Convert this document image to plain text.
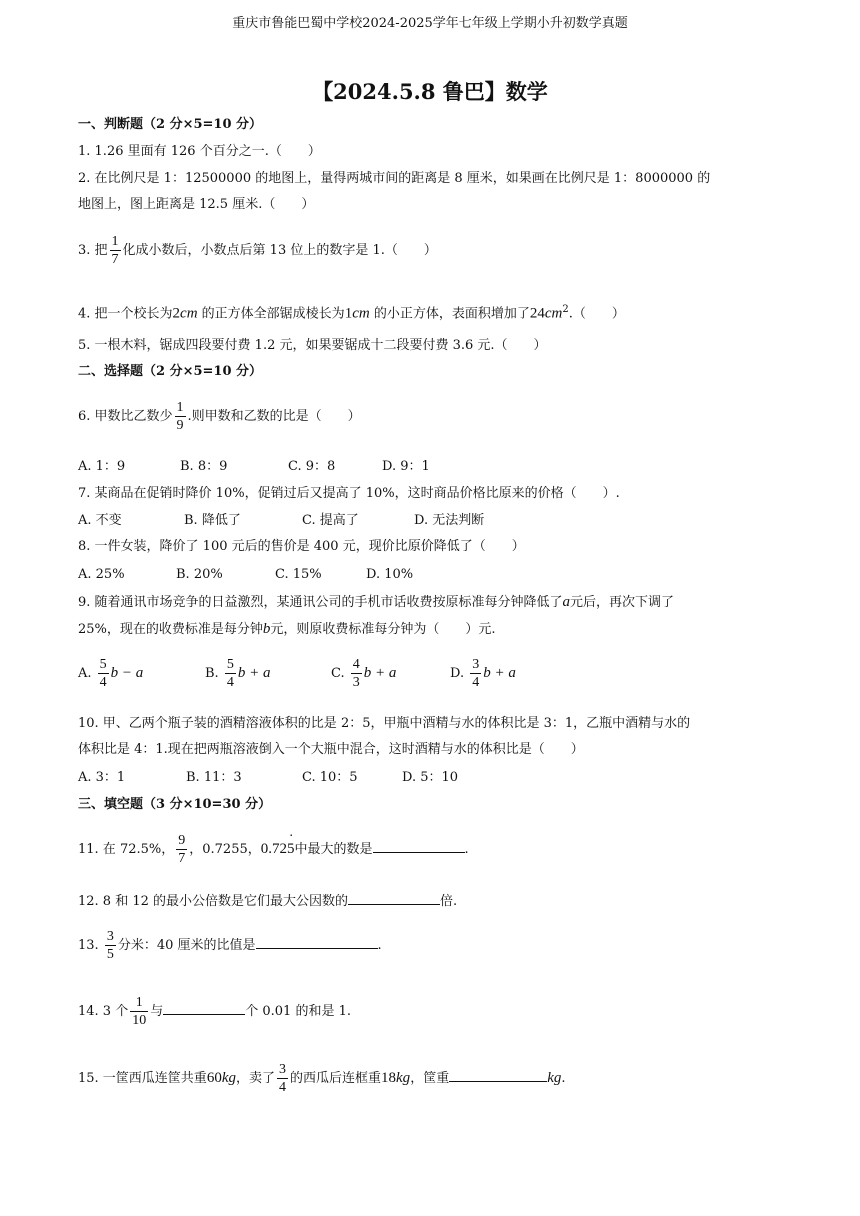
重庆市鲁能巴蜀中学校2024-2025学年七年级上学期小升初数学真题
【2024.5.8 鲁巴】数学
一、判断题（2 分×5=10 分）
1. 1.26 里面有 126 个百分之一.（　　）
2. 在比例尺是 1：12500000 的地图上，量得两城市间的距离是 8 厘米，如果画在比例尺是 1：8000000 的
地图上，图上距离是 12.5 厘米.（　　）
3. 把 $\frac{1}{7}$ 化成小数后，小数点后第 13 位上的数字是 1.（　　）
4. 把一个校长为2cm 的正方体全部锯成棱长为1cm 的小正方体，表面积增加了$24cm^2$.（　　）
5. 一根木料，锯成四段要付费 1.2 元，如果要锯成十二段要付费 3.6 元.（　　）
二、选择题（2 分×5=10 分）
6. 甲数比乙数少 $\frac{1}{9}$ .则甲数和乙数的比是（　　）
A. 1：9	B. 8：9	C. 9：8	D. 9：1
7. 某商品在促销时降价 10%，促销过后又提高了 10%，这时商品价格比原来的价格（　　）.
A. 不变	B. 降低了	C. 提高了	D. 无法判断
8. 一件女装，降价了 100 元后的售价是 400 元，现价比原价降低了（　　）
A. 25%	B. 20%	C. 15%	D. 10%
9. 随着通讯市场竞争的日益激烈，某通讯公司的手机市话收费按原标准每分钟降低了a元后，再次下调了
25%，现在的收费标准是每分钟b元，则原收费标准每分钟为（　　）元.
A. $\frac{5}{4}$ b − a	B. $\frac{5}{4}$ b + a	C. $\frac{4}{3}$ b + a	D. $\frac{3}{4}$ b + a
10. 甲、乙两个瓶子装的酒精溶液体积的比是 2：5，甲瓶中酒精与水的体积比是 3：1，乙瓶中酒精与水的
体积比是 4：1.现在把两瓶溶液倒入一个大瓶中混合，这时酒精与水的体积比是（　　）
A. 3：1	B. 11：3	C. 10：5	D. 5：10
三、填空题（3 分×10=30 分）
11. 在 72.5%， $\frac{9}{7}$ ，0.7255，0.725 ·中最大的数是	.
12. 8 和 12 的最小公倍数是它们最大公因数的	倍.
13. $\frac{3}{5}$ 分米：40 厘米的比值是	.
14. 3 个 $\frac{1}{10}$ 与	个 0.01 的和是 1.
15. 一筐西瓜连筐共重60kg，卖了 $\frac{3}{4}$ 的西瓜后连框重18kg，筐重	kg.
